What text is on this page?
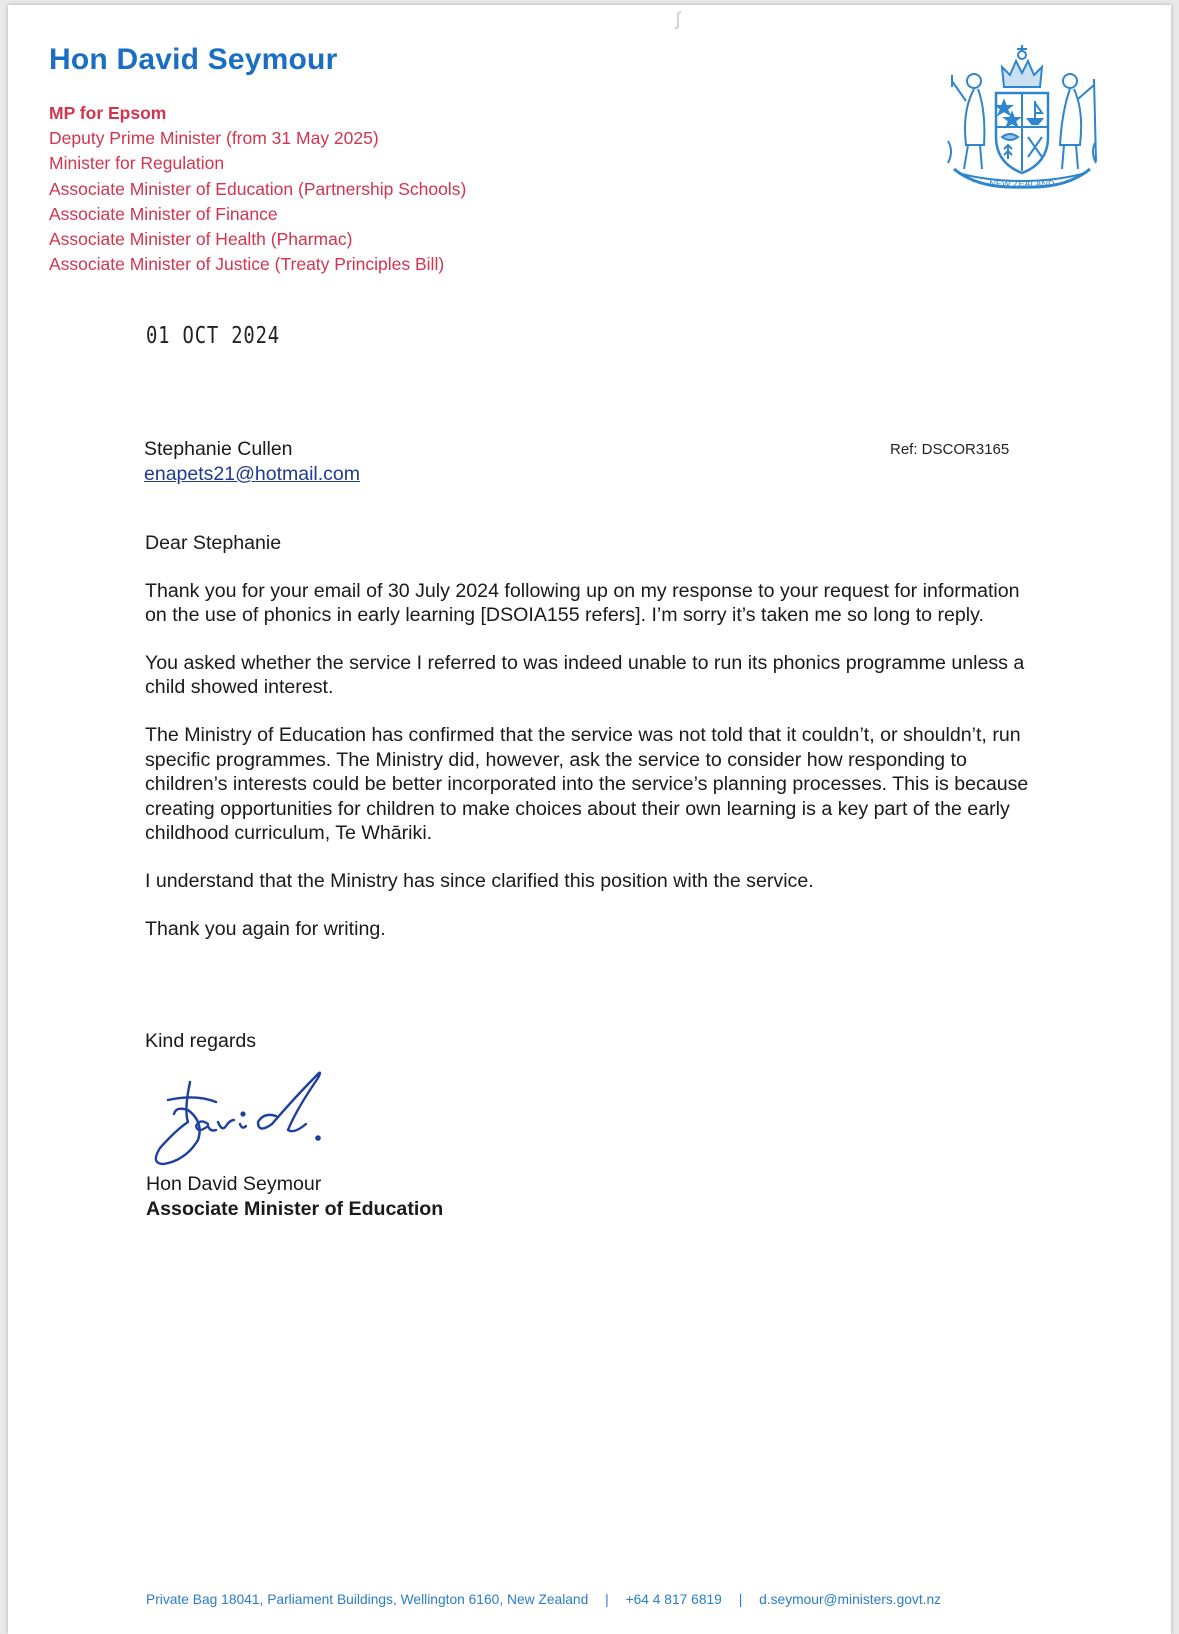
ʃ
Hon David Seymour
MP for Epsom
Deputy Prime Minister (from 31 May 2025)
Minister for Regulation
Associate Minister of Education (Partnership Schools)
Associate Minister of Finance
Associate Minister of Health (Pharmac)
Associate Minister of Justice (Treaty Principles Bill)
NEW ZEALAND
01 OCT 2024
Stephanie Cullen
enapets21@hotmail.com
Ref: DSCOR3165

Dear Stephanie

Thank you for your email of 30 July 2024 following up on my response to your request for information on the use of phonics in early learning [DSOIA155 refers]. I’m sorry it’s taken me so long to reply.

You asked whether the service I referred to was indeed unable to run its phonics programme unless a child showed interest.

The Ministry of Education has confirmed that the service was not told that it couldn’t, or shouldn’t, run specific programmes. The Ministry did, however, ask the service to consider how responding to children’s interests could be better incorporated into the service’s planning processes. This is because creating opportunities for children to make choices about their own learning is a key part of the early childhood curriculum, Te Whāriki.

I understand that the Ministry has since clarified this position with the service.

Thank you again for writing.

Kind regards
David.
Hon David Seymour
Associate Minister of Education
Private Bag 18041, Parliament Buildings, Wellington 6160, New Zealand | +64 4 817 6819 | d.seymour@ministers.govt.nz
